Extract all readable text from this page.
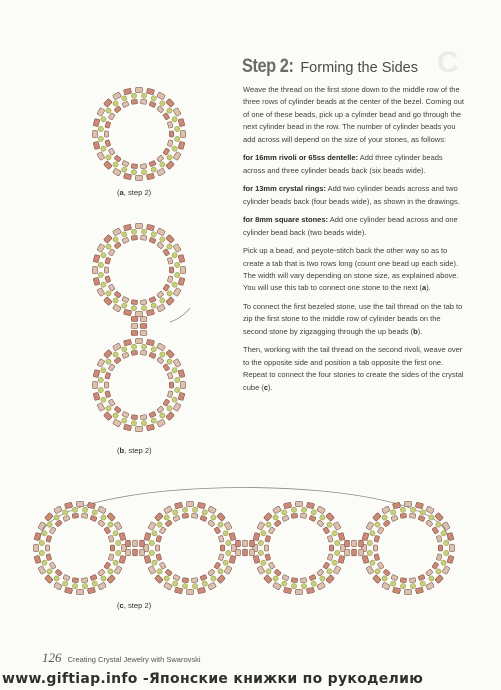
C
Step 2: Forming the Sides

Weave the thread on the first stone down to the middle row of the three rows of cylinder beads at the center of the bezel. Coming out of one of these beads, pick up a cylinder bead and go through the next cylinder bead in the row. The number of cylinder beads you add across will depend on the size of your stones, as follows:

for 16mm rivoli or 65ss dentelle: Add three cylinder beads across and three cylinder beads back (six beads wide).

for 13mm crystal rings: Add two cylinder beads across and two cylinder beads back (four beads wide), as shown in the drawings.

for 8mm square stones: Add one cylinder bead across and one cylinder bead back (two beads wide).

Pick up a bead, and peyote-stitch back the other way so as to create a tab that is two rows long (count one bead up each side). The width will vary depending on stone size, as explained above. You will use this tab to connect one stone to the next (a).

To connect the first bezeled stone, use the tail thread on the tab to zip the first stone to the middle row of cylinder beads on the second stone by zigzagging through the up beads (b).

Then, working with the tail thread on the second rivoli, weave over to the opposite side and position a tab opposite the first one. Repeat to connect the four stones to create the sides of the crystal cube (c).

(a, step 2)
(b, step 2)
(c, step 2)
126 Creating Crystal Jewelry with Swarovski
www.giftiap.info -Японские книжки по рукоделию
